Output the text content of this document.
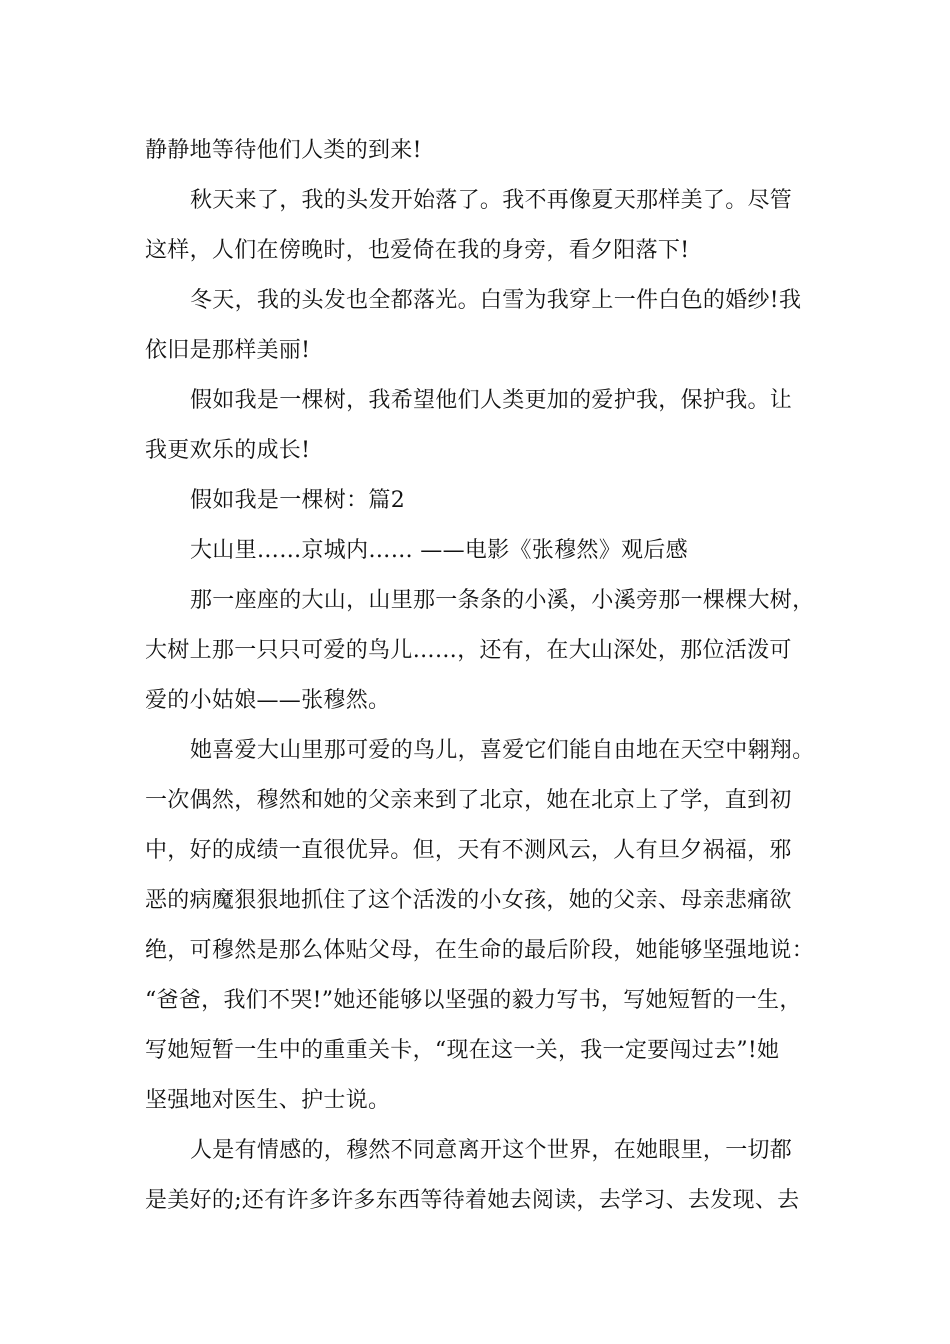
静静地等待他们人类的到来!
秋天来了，我的头发开始落了。我不再像夏天那样美了。尽管
这样，人们在傍晚时，也爱倚在我的身旁，看夕阳落下!
冬天，我的头发也全都落光。白雪为我穿上一件白色的婚纱!我
依旧是那样美丽!
假如我是一棵树，我希望他们人类更加的爱护我，保护我。让
我更欢乐的成长!
假如我是一棵树：篇2
大山里……京城内…… ——电影《张穆然》观后感
那一座座的大山，山里那一条条的小溪，小溪旁那一棵棵大树，
大树上那一只只可爱的鸟儿……，还有，在大山深处，那位活泼可
爱的小姑娘——张穆然。
她喜爱大山里那可爱的鸟儿，喜爱它们能自由地在天空中翱翔。
一次偶然，穆然和她的父亲来到了北京，她在北京上了学，直到初
中，好的成绩一直很优异。但，天有不测风云，人有旦夕祸福，邪
恶的病魔狠狠地抓住了这个活泼的小女孩，她的父亲、母亲悲痛欲
绝，可穆然是那么体贴父母，在生命的最后阶段，她能够坚强地说：
“爸爸，我们不哭!”她还能够以坚强的毅力写书，写她短暂的一生，
写她短暂一生中的重重关卡，“现在这一关，我一定要闯过去”!她
坚强地对医生、护士说。
人是有情感的，穆然不同意离开这个世界，在她眼里，一切都
是美好的;还有许多许多东西等待着她去阅读，去学习、去发现、去
